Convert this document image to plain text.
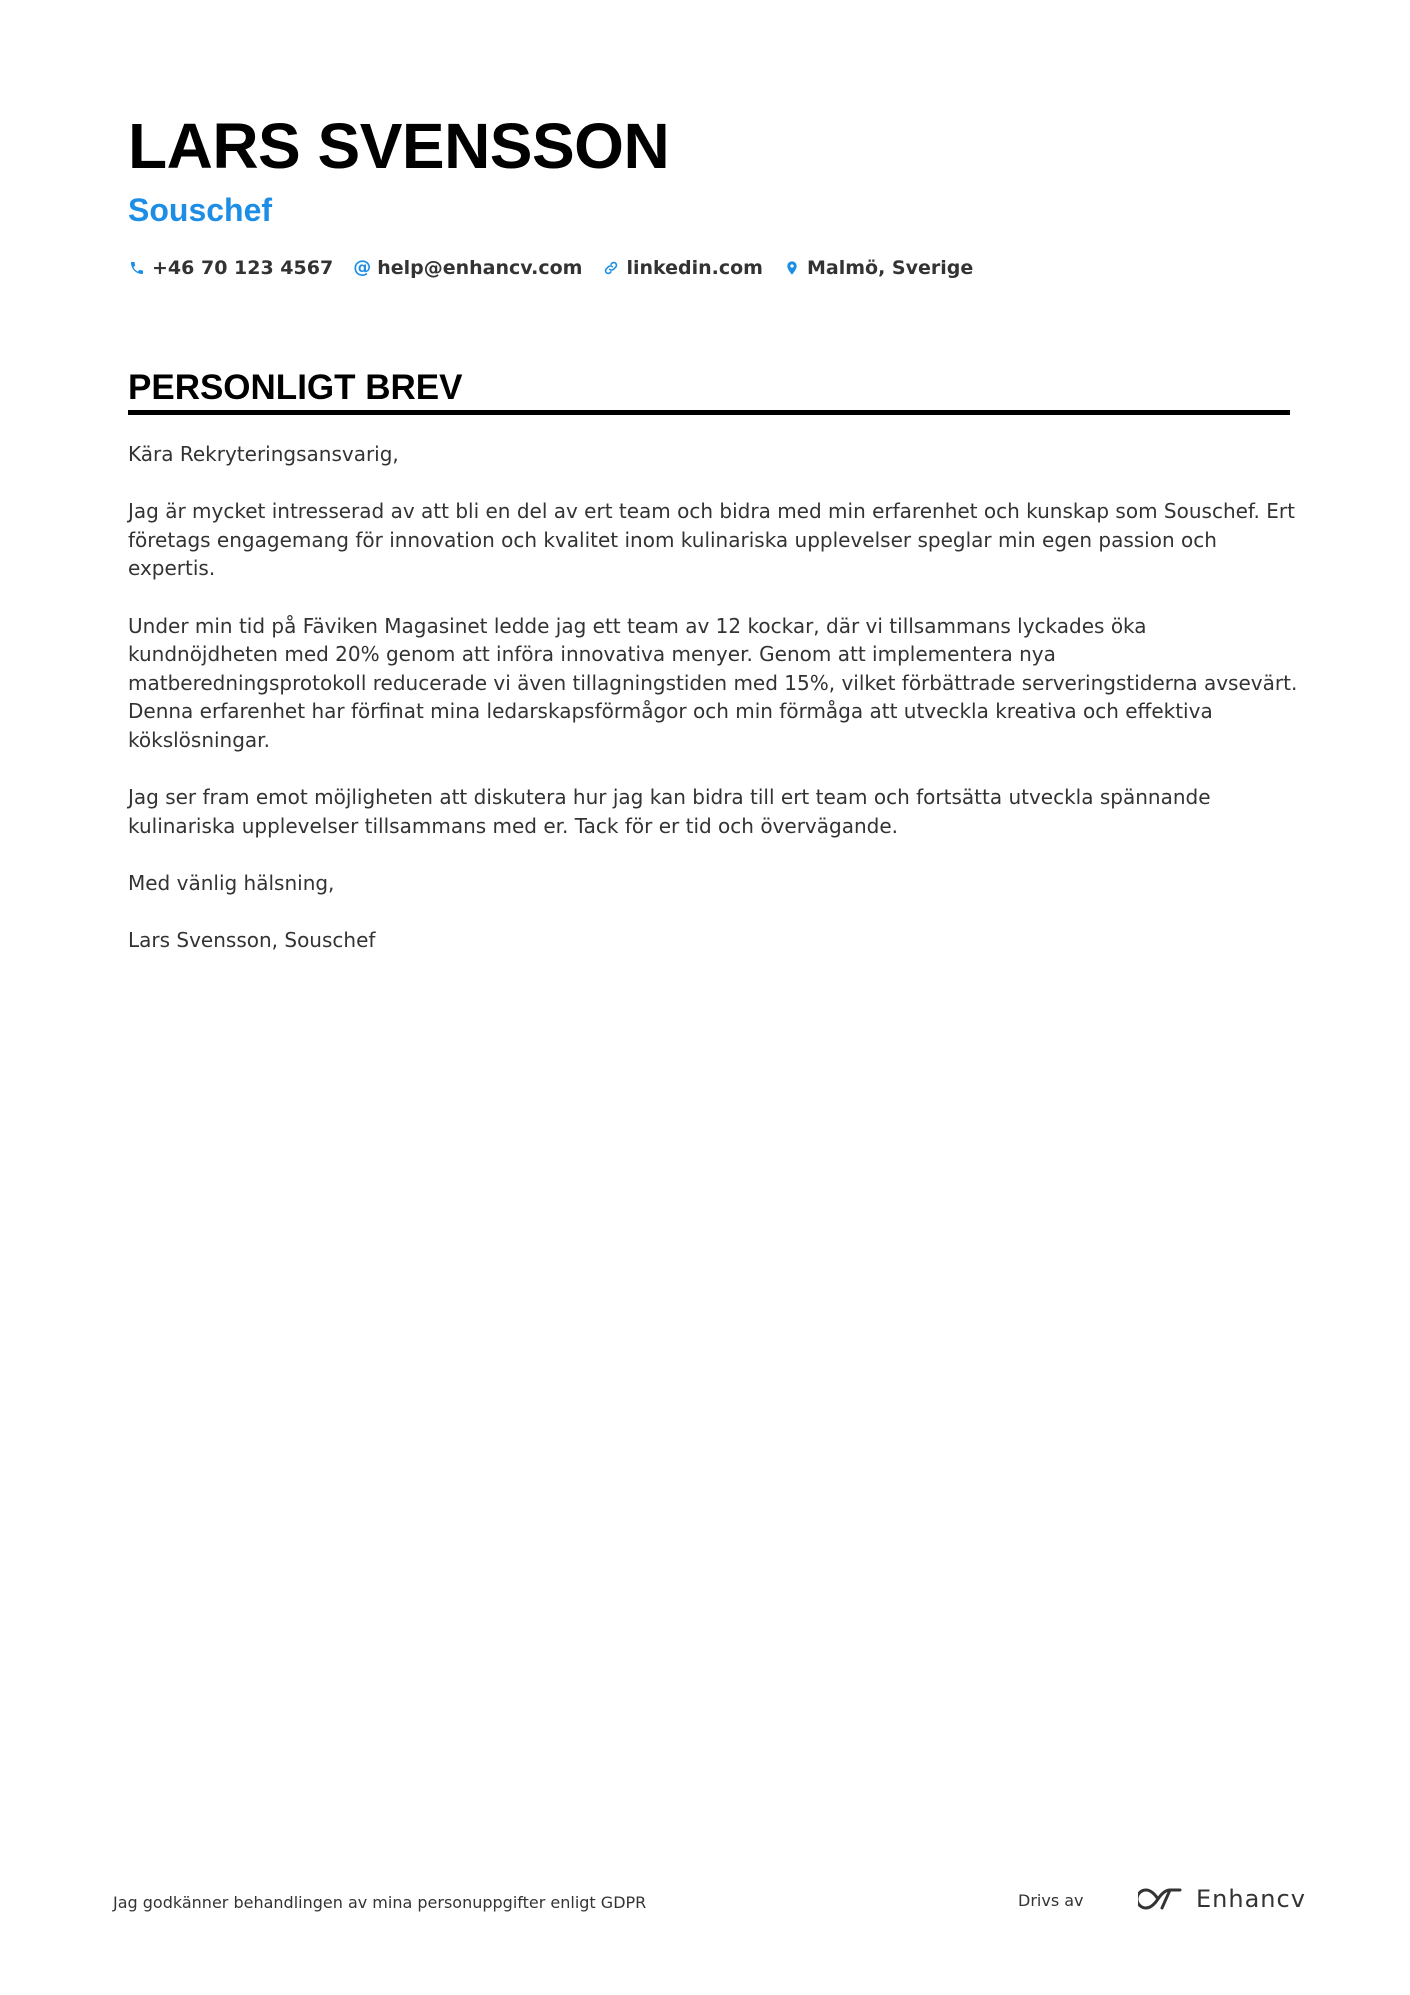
LARS SVENSSON
Souschef
+46 70 123 4567 @ help@enhancv.com linkedin.com Malmö, Sverige
PERSONLIGT BREV

Kära Rekryteringsansvarig,

Jag är mycket intresserad av att bli en del av ert team och bidra med min erfarenhet och kunskap som Souschef. Ert företags engagemang för innovation och kvalitet inom kulinariska upplevelser speglar min egen passion och expertis.

Under min tid på Fäviken Magasinet ledde jag ett team av 12 kockar, där vi tillsammans lyckades öka kundnöjdheten med 20% genom att införa innovativa menyer. Genom att implementera nya matberedningsprotokoll reducerade vi även tillagningstiden med 15%, vilket förbättrade serveringstiderna avsevärt. Denna erfarenhet har förfinat mina ledarskapsförmågor och min förmåga att utveckla kreativa och effektiva kökslösningar.

Jag ser fram emot möjligheten att diskutera hur jag kan bidra till ert team och fortsätta utveckla spännande kulinariska upplevelser tillsammans med er. Tack för er tid och övervägande.

Med vänlig hälsning,

Lars Svensson, Souschef

Jag godkänner behandlingen av mina personuppgifter enligt GDPR	Drivs av	Enhancv
